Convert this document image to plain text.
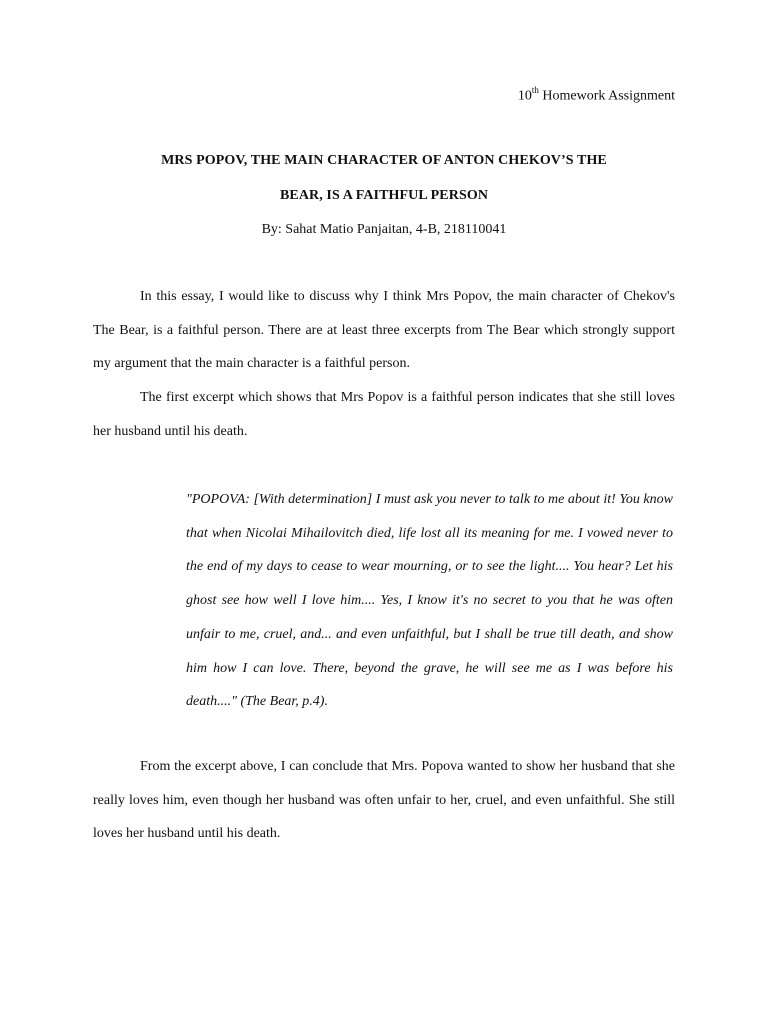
10th Homework Assignment
MRS POPOV, THE MAIN CHARACTER OF ANTON CHEKOV’S THE
BEAR, IS A FAITHFUL PERSON
By: Sahat Matio Panjaitan, 4-B, 218110041

In this essay, I would like to discuss why I think Mrs Popov, the main character of Chekov's The Bear, is a faithful person. There are at least three excerpts from The Bear which strongly support my argument that the main character is a faithful person.

The first excerpt which shows that Mrs Popov is a faithful person indicates that she still loves her husband until his death.

"POPOVA: [With determination] I must ask you never to talk to me about it! You know that when Nicolai Mihailovitch died, life lost all its meaning for me. I vowed never to the end of my days to cease to wear mourning, or to see the light.... You hear? Let his ghost see how well I love him.... Yes, I know it's no secret to you that he was often unfair to me, cruel, and... and even unfaithful, but I shall be true till death, and show him how I can love. There, beyond the grave, he will see me as I was before his death...." (The Bear, p.4).

From the excerpt above, I can conclude that Mrs. Popova wanted to show her husband that she really loves him, even though her husband was often unfair to her, cruel, and even unfaithful. She still loves her husband until his death.
